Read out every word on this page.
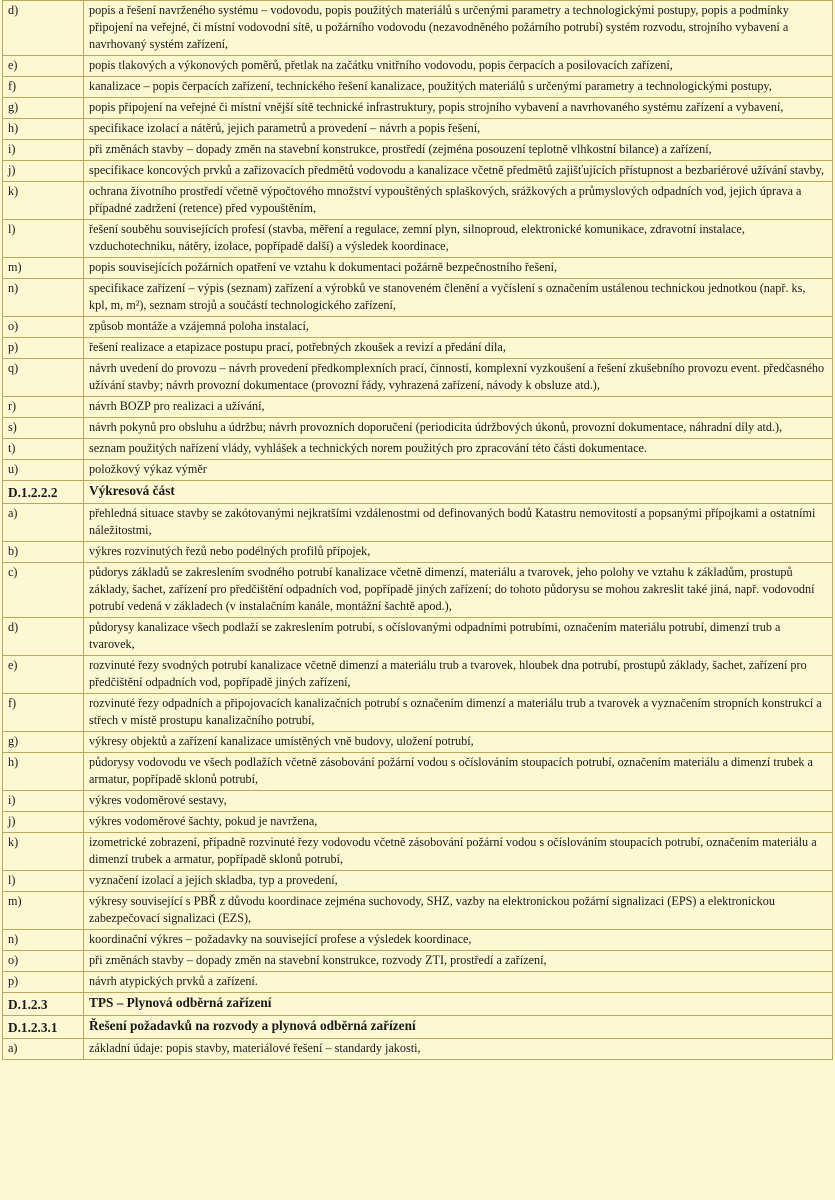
d)	popis a řešení navrženého systému – vodovodu, popis použitých materiálů s určenými parametry a technologickými postupy, popis a podmínky připojení na veřejné, či místní vodovodní sítě, u požárního vodovodu (nezavodněného požárního potrubí) systém rozvodu, strojního vybavení a navrhovaný systém zařízení,
e)	popis tlakových a výkonových poměrů, přetlak na začátku vnitřního vodovodu, popis čerpacích a posilovacích zařízení,
f)	kanalizace – popis čerpacích zařízení, technického řešení kanalizace, použitých materiálů s určenými parametry a technologickými postupy,
g)	popis připojení na veřejné či místní vnější sítě technické infrastruktury, popis strojního vybavení a navrhovaného systému zařízení a vybavení,
h)	specifikace izolací a nátěrů, jejich parametrů a provedení – návrh a popis řešení,
i)	při změnách stavby – dopady změn na stavební konstrukce, prostředí (zejména posouzení teplotně vlhkostní bilance) a zařízení,
j)	specifikace koncových prvků a zařizovacích předmětů vodovodu a kanalizace včetně předmětů zajišťujících přístupnost a bezbariérové užívání stavby,
k)	ochrana životního prostředí včetně výpočtového množství vypouštěných splaškových, srážkových a průmyslových odpadních vod, jejich úprava a případné zadržení (retence) před vypouštěním,
l)	řešení souběhu souvisejících profesí (stavba, měření a regulace, zemní plyn, silnoproud, elektronické komunikace, zdravotní instalace, vzduchotechniku, nátěry, izolace, popřípadě další) a výsledek koordinace,
m)	popis souvisejících požárních opatření ve vztahu k dokumentaci požárně bezpečnostního řešení,
n)	specifikace zařízení – výpis (seznam) zařízení a výrobků ve stanoveném členění a vyčíslení s označením ustálenou technickou jednotkou (např. ks, kpl, m, m²), seznam strojů a součástí technologického zařízení,
o)	způsob montáže a vzájemná poloha instalací,
p)	řešení realizace a etapizace postupu prací, potřebných zkoušek a revizí a předání díla,
q)	návrh uvedení do provozu – návrh provedení předkomplexních prací, činností, komplexní vyzkoušení a řešení zkušebního provozu event. předčasného užívání stavby; návrh provozní dokumentace (provozní řády, vyhrazená zařízení, návody k obsluze atd.),
r)	návrh BOZP pro realizaci a užívání,
s)	návrh pokynů pro obsluhu a údržbu; návrh provozních doporučení (periodicita údržbových úkonů, provozní dokumentace, náhradní díly atd.),
t)	seznam použitých nařízení vlády, vyhlášek a technických norem použitých pro zpracování této části dokumentace.
u)	položkový výkaz výměr
D.1.2.2.2	Výkresová část
a)	přehledná situace stavby se zakótovanými nejkratšími vzdálenostmi od definovaných bodů Katastru nemovitostí a popsanými přípojkami a ostatními náležitostmi,
b)	výkres rozvinutých řezů nebo podélných profilů přípojek,
c)	půdorys základů se zakreslením svodného potrubí kanalizace včetně dimenzí, materiálu a tvarovek, jeho polohy ve vztahu k základům, prostupů základy, šachet, zařízení pro předčištění odpadních vod, popřípadě jiných zařízení; do tohoto půdorysu se mohou zakreslit také jiná, např. vodovodní potrubí vedená v základech (v instalačním kanále, montážní šachtě apod.),
d)	půdorysy kanalizace všech podlaží se zakreslením potrubí, s očíslovanými odpadními potrubími, označením materiálu potrubí, dimenzí trub a tvarovek,
e)	rozvinuté řezy svodných potrubí kanalizace včetně dimenzí a materiálu trub a tvarovek, hloubek dna potrubí, prostupů základy, šachet, zařízení pro předčištění odpadních vod, popřípadě jiných zařízení,
f)	rozvinuté řezy odpadních a připojovacích kanalizačních potrubí s označením dimenzí a materiálu trub a tvarovek a vyznačením stropních konstrukcí a střech v místě prostupu kanalizačního potrubí,
g)	výkresy objektů a zařízení kanalizace umístěných vně budovy, uložení potrubí,
h)	půdorysy vodovodu ve všech podlažích včetně zásobování požární vodou s očíslováním stoupacích potrubí, označením materiálu a dimenzí trubek a armatur, popřípadě sklonů potrubí,
i)	výkres vodoměrové sestavy,
j)	výkres vodoměrové šachty, pokud je navržena,
k)	izometrické zobrazení, případně rozvinuté řezy vodovodu včetně zásobování požární vodou s očíslováním stoupacích potrubí, označením materiálu a dimenzí trubek a armatur, popřípadě sklonů potrubí,
l)	vyznačení izolací a jejich skladba, typ a provedení,
m)	výkresy související s PBŘ z důvodu koordinace zejména suchovody, SHZ, vazby na elektronickou požární signalizaci (EPS) a elektronickou zabezpečovací signalizaci (EZS),
n)	koordinační výkres – požadavky na související profese a výsledek koordinace,
o)	při změnách stavby – dopady změn na stavební konstrukce, rozvody ZTI, prostředí a zařízení,
p)	návrh atypických prvků a zařízení.
D.1.2.3	TPS – Plynová odběrná zařízení
D.1.2.3.1	Řešení požadavků na rozvody a plynová odběrná zařízení
a)	základní údaje: popis stavby, materiálové řešení – standardy jakosti,
